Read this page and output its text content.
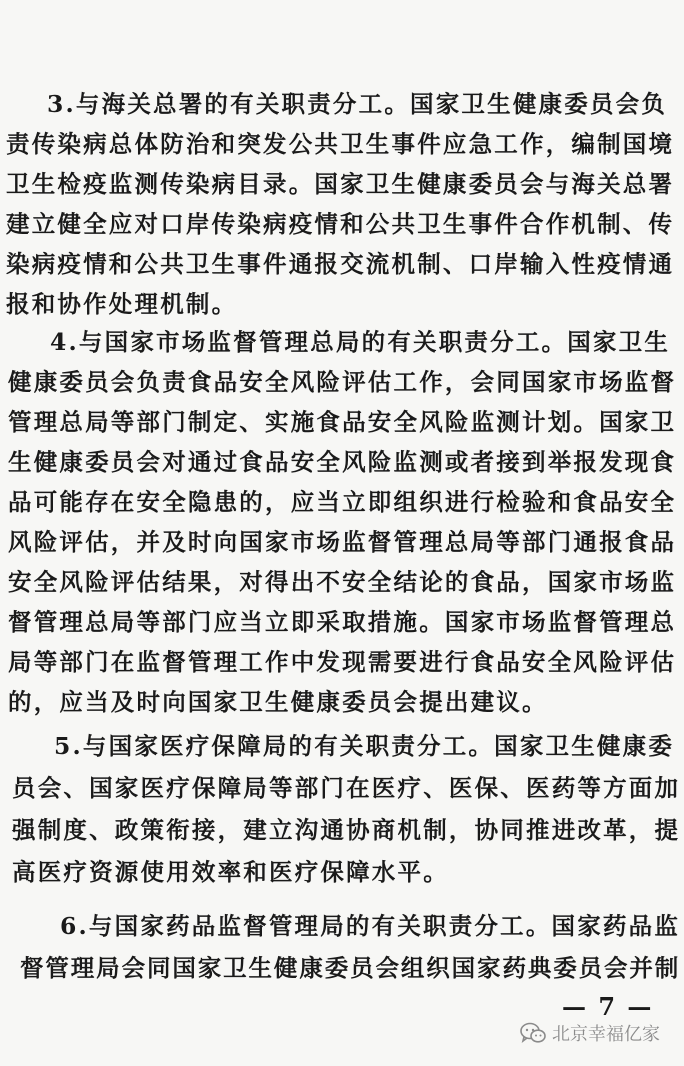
3.与海关总署的有关职责分工。国家卫生健康委员会负
责传染病总体防治和突发公共卫生事件应急工作，编制国境
卫生检疫监测传染病目录。国家卫生健康委员会与海关总署
建立健全应对口岸传染病疫情和公共卫生事件合作机制、传
染病疫情和公共卫生事件通报交流机制、口岸输入性疫情通
报和协作处理机制。
4.与国家市场监督管理总局的有关职责分工。国家卫生
健康委员会负责食品安全风险评估工作，会同国家市场监督
管理总局等部门制定、实施食品安全风险监测计划。国家卫
生健康委员会对通过食品安全风险监测或者接到举报发现食
品可能存在安全隐患的，应当立即组织进行检验和食品安全
风险评估，并及时向国家市场监督管理总局等部门通报食品
安全风险评估结果，对得出不安全结论的食品，国家市场监
督管理总局等部门应当立即采取措施。国家市场监督管理总
局等部门在监督管理工作中发现需要进行食品安全风险评估
的，应当及时向国家卫生健康委员会提出建议。
5.与国家医疗保障局的有关职责分工。国家卫生健康委
员会、国家医疗保障局等部门在医疗、医保、医药等方面加
强制度、政策衔接，建立沟通协商机制，协同推进改革，提
高医疗资源使用效率和医疗保障水平。
6.与国家药品监督管理局的有关职责分工。国家药品监
督管理局会同国家卫生健康委员会组织国家药典委员会并制
— 7 —
北京幸福亿家
